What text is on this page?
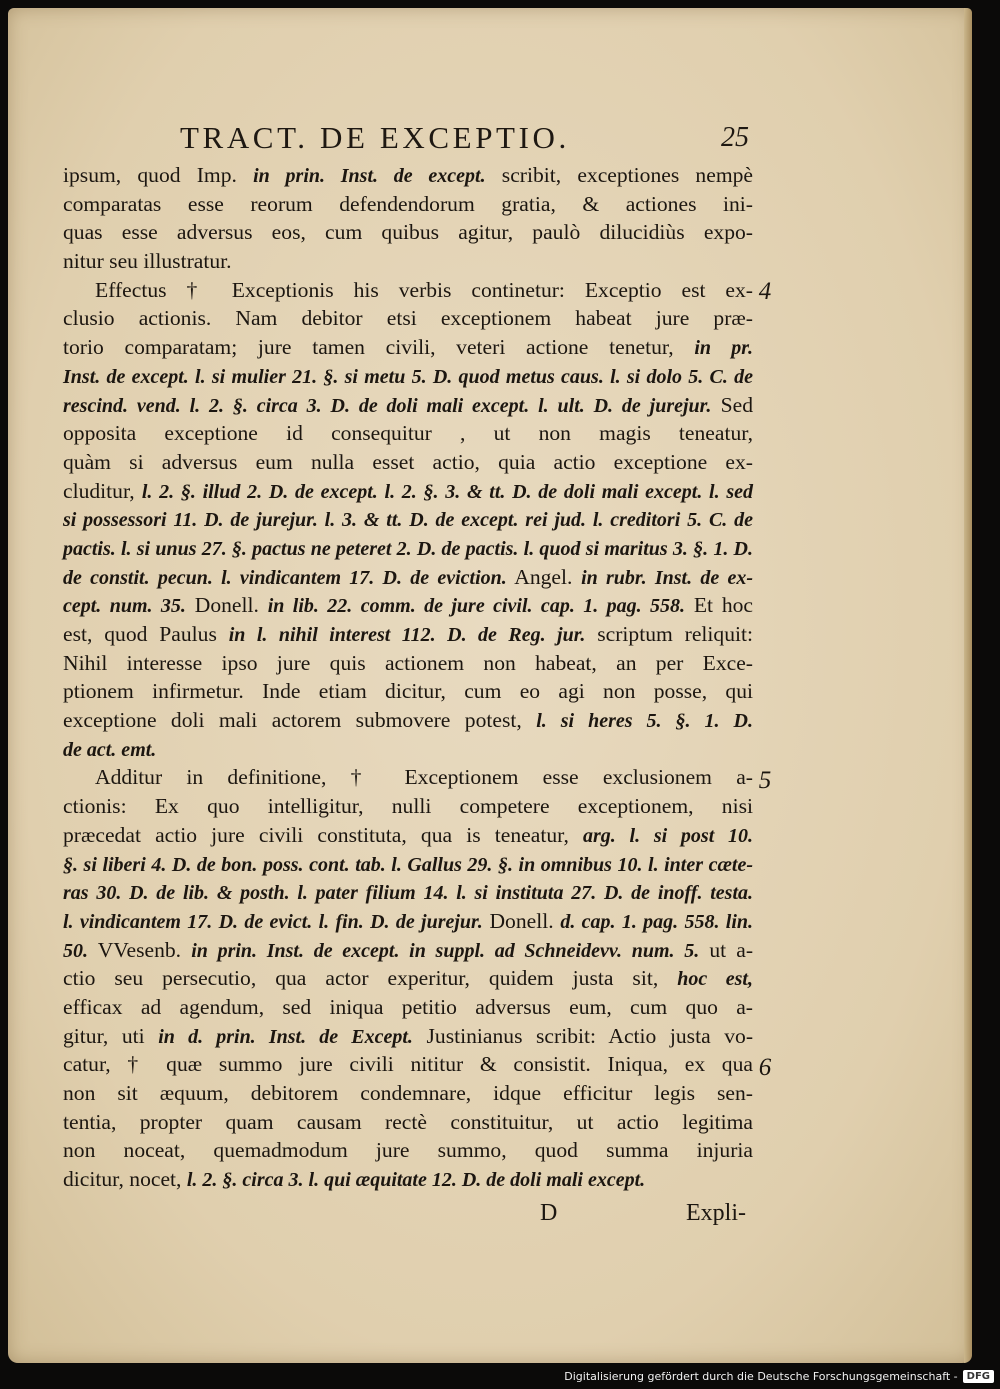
TRACT. DE EXCEPTIO.	25
ipsum, quod Imp. in prin. Inst. de except. scribit, exceptiones nempè
comparatas esse reorum defendendorum gratia, & actiones ini-
quas esse adversus eos, cum quibus agitur, paulò dilucidiùs expo-
nitur seu illustratur.
Effectus † Exceptionis his verbis continetur: Exceptio est ex-
clusio actionis. Nam debitor etsi exceptionem habeat jure præ-
torio comparatam; jure tamen civili, veteri actione tenetur, in pr.
Inst. de except. l. si mulier 21. §. si metu 5. D. quod metus caus. l. si dolo 5. C. de
rescind. vend. l. 2. §. circa 3. D. de doli mali except. l. ult. D. de jurejur. Sed
opposita exceptione id consequitur , ut non magis teneatur,
quàm si adversus eum nulla esset actio, quia actio exceptione ex-
cluditur, l. 2. §. illud 2. D. de except. l. 2. §. 3. & tt. D. de doli mali except. l. sed
si possessori 11. D. de jurejur. l. 3. & tt. D. de except. rei jud. l. creditori 5. C. de
pactis. l. si unus 27. §. pactus ne peteret 2. D. de pactis. l. quod si maritus 3. §. 1. D.
de constit. pecun. l. vindicantem 17. D. de eviction. Angel. in rubr. Inst. de ex-
cept. num. 35. Donell. in lib. 22. comm. de jure civil. cap. 1. pag. 558. Et hoc
est, quod Paulus in l. nihil interest 112. D. de Reg. jur. scriptum reliquit:
Nihil interesse ipso jure quis actionem non habeat, an per Exce-
ptionem infirmetur. Inde etiam dicitur, cum eo agi non posse, qui
exceptione doli mali actorem submovere potest, l. si heres 5. §. 1. D.
de act. emt.
Additur in definitione, † Exceptionem esse exclusionem a-
ctionis: Ex quo intelligitur, nulli competere exceptionem, nisi
præcedat actio jure civili constituta, qua is teneatur, arg. l. si post 10.
§. si liberi 4. D. de bon. poss. cont. tab. l. Gallus 29. §. in omnibus 10. l. inter cæte-
ras 30. D. de lib. & posth. l. pater filium 14. l. si instituta 27. D. de inoff. testa.
l. vindicantem 17. D. de evict. l. fin. D. de jurejur. Donell. d. cap. 1. pag. 558. lin.
50. VVesenb. in prin. Inst. de except. in suppl. ad Schneidevv. num. 5. ut a-
ctio seu persecutio, qua actor experitur, quidem justa sit, hoc est,
efficax ad agendum, sed iniqua petitio adversus eum, cum quo a-
gitur, uti in d. prin. Inst. de Except. Justinianus scribit: Actio justa vo-
catur, † quæ summo jure civili nititur & consistit. Iniqua, ex qua
non sit æquum, debitorem condemnare, idque efficitur legis sen-
tentia, propter quam causam rectè constituitur, ut actio legitima
non noceat, quemadmodum jure summo, quod summa injuria
dicitur, nocet, l. 2. §. circa 3. l. qui æquitate 12. D. de doli mali except.
4
5
6
D	Expli-
Digitalisierung gefördert durch die Deutsche Forschungsgemeinschaft - DFG
